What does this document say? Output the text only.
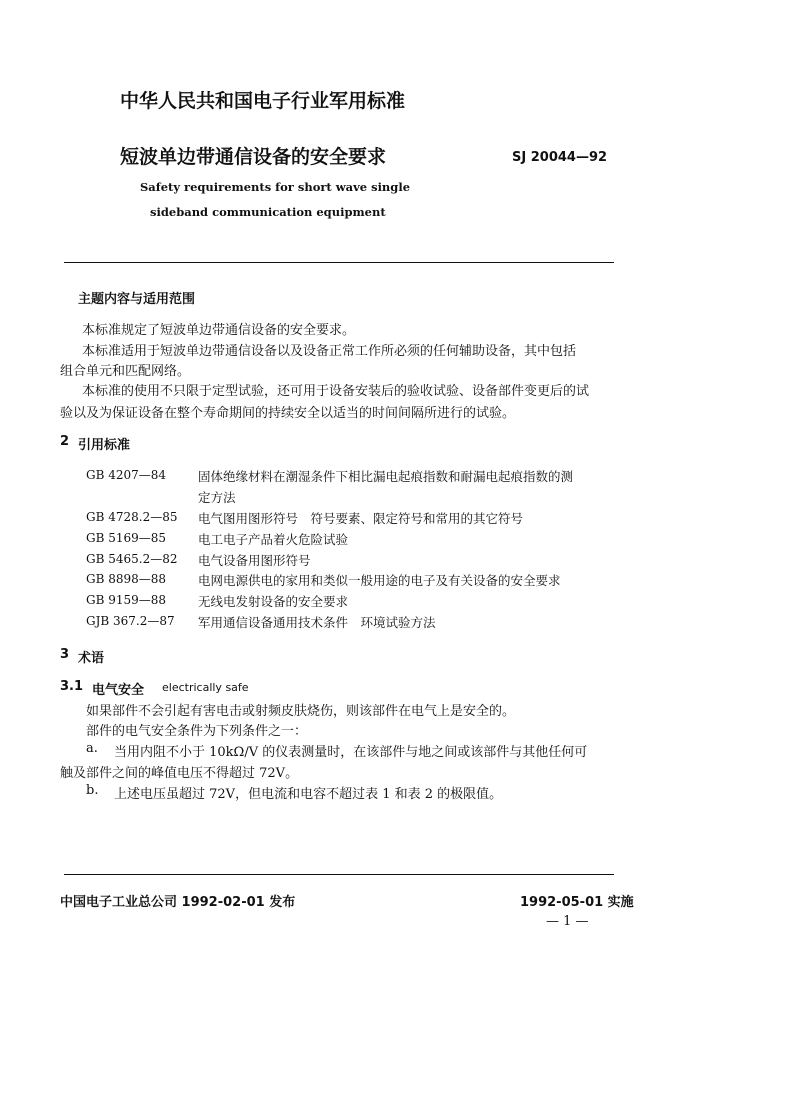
中华人民共和国电子行业军用标准
短波单边带通信设备的安全要求	SJ 20044—92
Safety requirements for short wave single
sideband communication equipment
主题内容与适用范围
本标准规定了短波单边带通信设备的安全要求。
本标准适用于短波单边带通信设备以及设备正常工作所必须的任何辅助设备，其中包括
组合单元和匹配网络。
本标准的使用不只限于定型试验，还可用于设备安装后的验收试验、设备部件变更后的试
验以及为保证设备在整个寿命期间的持续安全以适当的时间间隔所进行的试验。
2 引用标准
GB 4207—84	固体绝缘材料在潮湿条件下相比漏电起痕指数和耐漏电起痕指数的测
定方法
GB 4728.2—85 电气图用图形符号　符号要素、限定符号和常用的其它符号
GB 5169—85	电工电子产品着火危险试验
GB 5465.2—82 电气设备用图形符号
GB 8898—88	电网电源供电的家用和类似一般用途的电子及有关设备的安全要求
GB 9159—88	无线电发射设备的安全要求
GJB 367.2—87 军用通信设备通用技术条件　环境试验方法
3 术语
3.1 电气安全 electrically safe
如果部件不会引起有害电击或射频皮肤烧伤，则该部件在电气上是安全的。
部件的电气安全条件为下列条件之一：
a. 当用内阻不小于 10kΩ/V 的仪表测量时，在该部件与地之间或该部件与其他任何可
触及部件之间的峰值电压不得超过 72V。
b. 上述电压虽超过 72V，但电流和电容不超过表 1 和表 2 的极限值。
中国电子工业总公司 1992-02-01 发布	1992-05-01 实施
— 1 —
